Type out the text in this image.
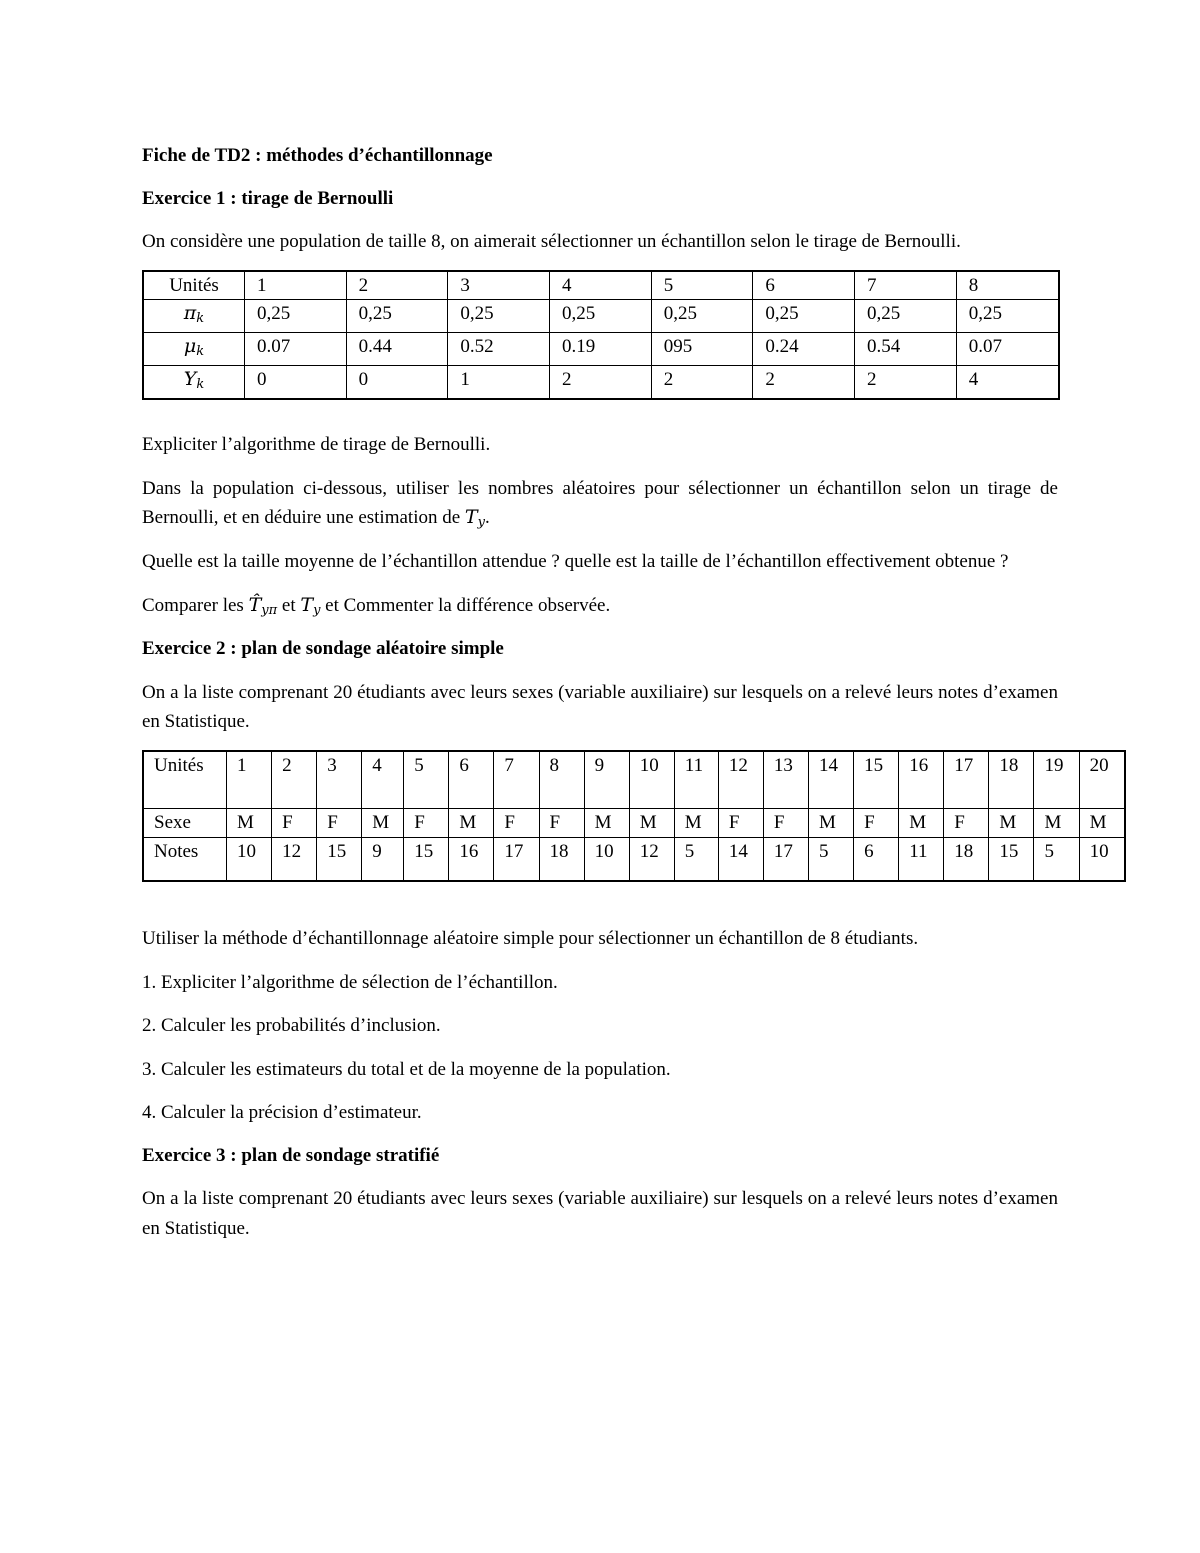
Fiche de TD2 : méthodes d’échantillonnage
Exercice 1 : tirage de Bernoulli

On considère une population de taille 8, on aimerait sélectionner un échantillon selon le tirage de Bernoulli.

Unités	1	2	3	4	5	6	7	8
$\pi_k$	0,25	0,25	0,25	0,25	0,25	0,25	0,25	0,25
$\mu_k$	0.07	0.44	0.52	0.19	095	0.24	0.54	0.07
$Y_k$	0	0	1	2	2	2	2	4

Expliciter l’algorithme de tirage de Bernoulli.

Dans la population ci-dessous, utiliser les nombres aléatoires pour sélectionner un échantillon selon un tirage de Bernoulli, et en déduire une estimation de $T_y$.

Quelle est la taille moyenne de l’échantillon attendue ? quelle est la taille de l’échantillon effectivement obtenue ?

Comparer les $T̂_{y\pi}$ et $T_y$ et Commenter la différence observée.

Exercice 2 : plan de sondage aléatoire simple

On a la liste comprenant 20 étudiants avec leurs sexes (variable auxiliaire) sur lesquels on a relevé leurs notes d’examen en Statistique.

Unités	1	2	3	4	5	6	7	8	9	10	11	12	13	14	15	16	17	18	19	20
Sexe	M	F	F	M	F	M	F	F	M	M	M	F	F	M	F	M	F	M	M	M
Notes	10	12	15	9	15	16	17	18	10	12	5	14	17	5	6	11	18	15	5	10

Utiliser la méthode d’échantillonnage aléatoire simple pour sélectionner un échantillon de 8 étudiants.

1. Expliciter l’algorithme de sélection de l’échantillon.

2. Calculer les probabilités d’inclusion.

3. Calculer les estimateurs du total et de la moyenne de la population.

4. Calculer la précision d’estimateur.

Exercice 3 : plan de sondage stratifié

On a la liste comprenant 20 étudiants avec leurs sexes (variable auxiliaire) sur lesquels on a relevé leurs notes d’examen en Statistique.
